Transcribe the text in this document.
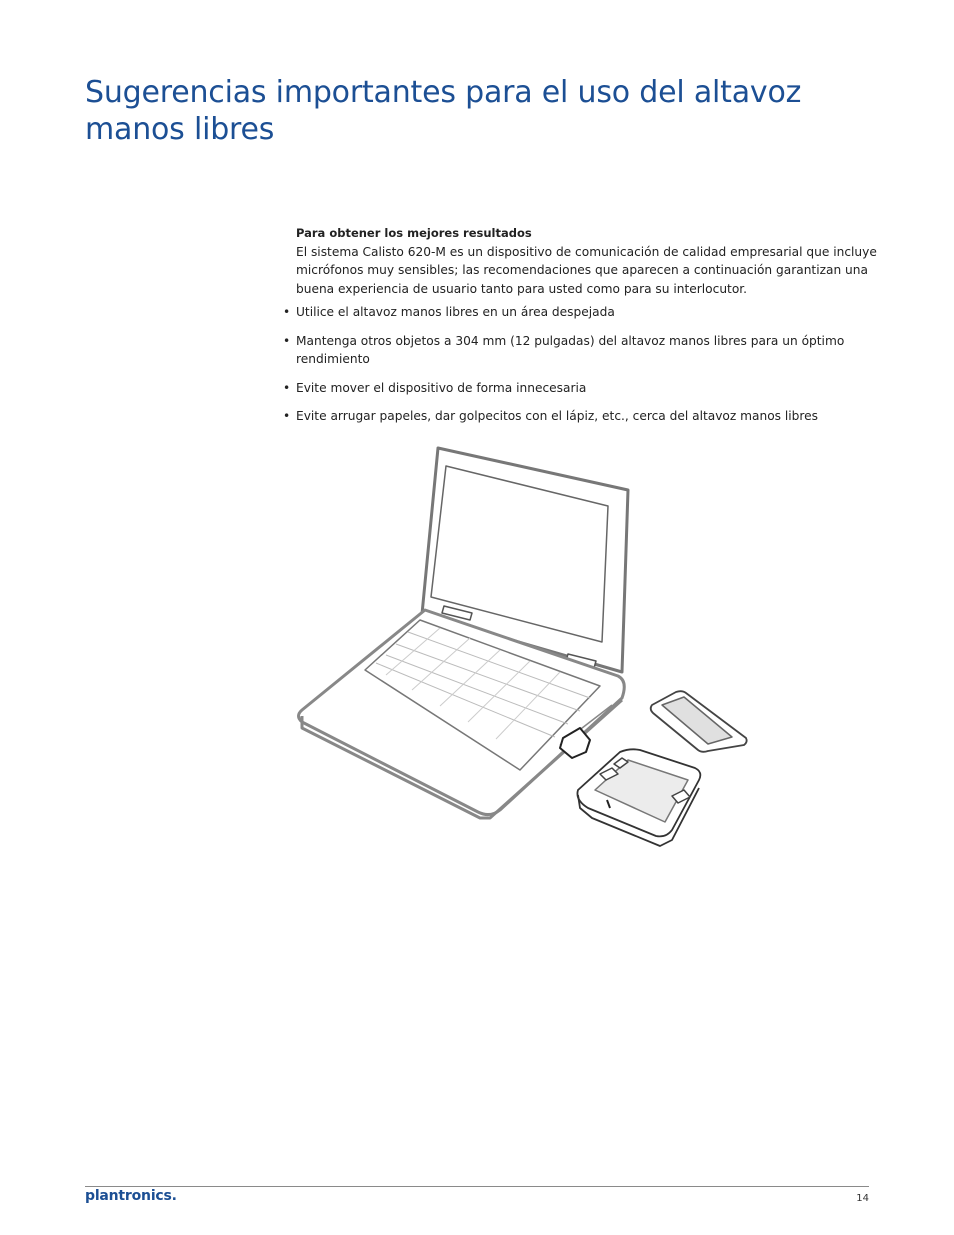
Sugerencias importantes para el uso del altavoz manos libres

Para obtener los mejores resultados

El sistema Calisto 620-M es un dispositivo de comunicación de calidad empresarial que incluye micrófonos muy sensibles; las recomendaciones que aparecen a continuación garantizan una buena experiencia de usuario tanto para usted como para su interlocutor.

• Utilice el altavoz manos libres en un área despejada
• Mantenga otros objetos a 304 mm (12 pulgadas) del altavoz manos libres para un óptimo rendimiento
• Evite mover el dispositivo de forma innecesaria
• Evite arrugar papeles, dar golpecitos con el lápiz, etc., cerca del altavoz manos libres
plantronics.	14
